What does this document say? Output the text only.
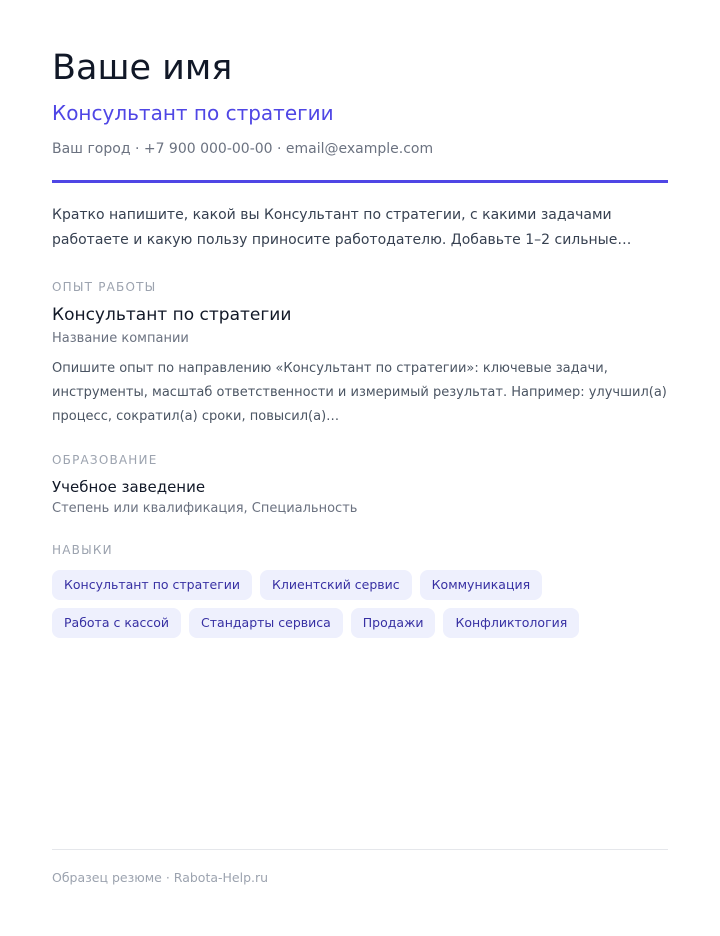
Ваше имя
Консультант по стратегии
Ваш город · +7 900 000-00-00 · email@example.com
Кратко напишите, какой вы Консультант по стратегии, с какими задачами работаете и какую пользу приносите работодателю. Добавьте 1–2 сильные…
ОПЫТ РАБОТЫ
Консультант по стратегии
Название компании
Опишите опыт по направлению «Консультант по стратегии»: ключевые задачи, инструменты, масштаб ответственности и измеримый результат. Например: улучшил(а) процесс, сократил(а) сроки, повысил(а)…
ОБРАЗОВАНИЕ
Учебное заведение
Степень или квалификация, Специальность
НАВЫКИ
Консультант по стратегии	Клиентский сервис	Коммуникация
Работа с кассой	Стандарты сервиса	Продажи	Конфликтология
Образец резюме · Rabota-Help.ru
